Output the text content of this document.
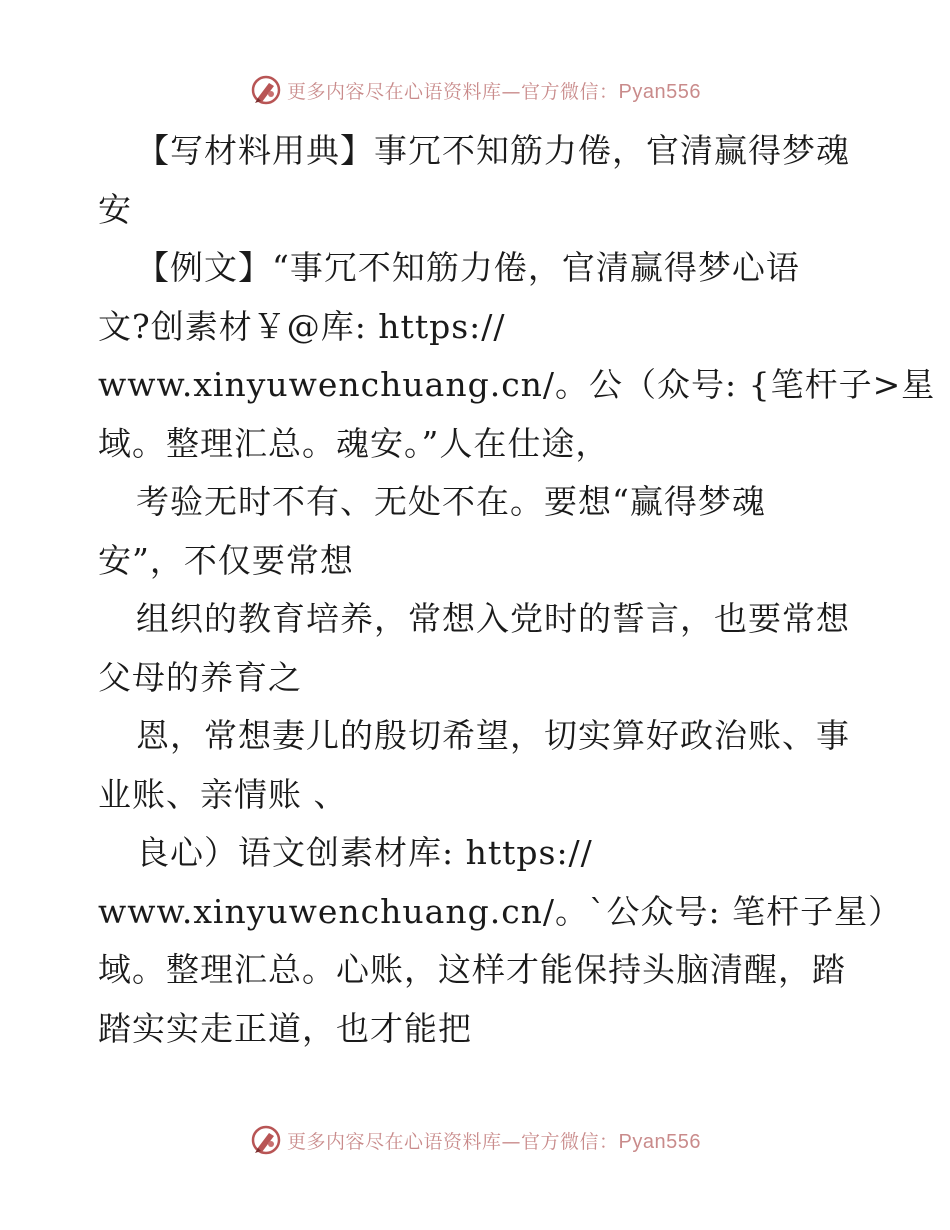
更多内容尽在心语资料库—官方微信：Pyan556
【写材料用典】事冗不知筋力倦，官清赢得梦魂
安
【例文】“事冗不知筋力倦，官清赢得梦心语
文?创素材￥@库: https://
www.xinyuwenchuang.cn/。公（众号: {笔杆子>星
域。整理汇总。魂安。”人在仕途，
考验无时不有、无处不在。要想“赢得梦魂
安”，不仅要常想
组织的教育培养，常想入党时的誓言，也要常想
父母的养育之
恩，常想妻儿的殷切希望，切实算好政治账、事
业账、亲情账 、
良心）语文创素材库: https://
www.xinyuwenchuang.cn/。`公众号: 笔杆子星）
域。整理汇总。心账，这样才能保持头脑清醒，踏
踏实实走正道，也才能把
更多内容尽在心语资料库—官方微信：Pyan556
